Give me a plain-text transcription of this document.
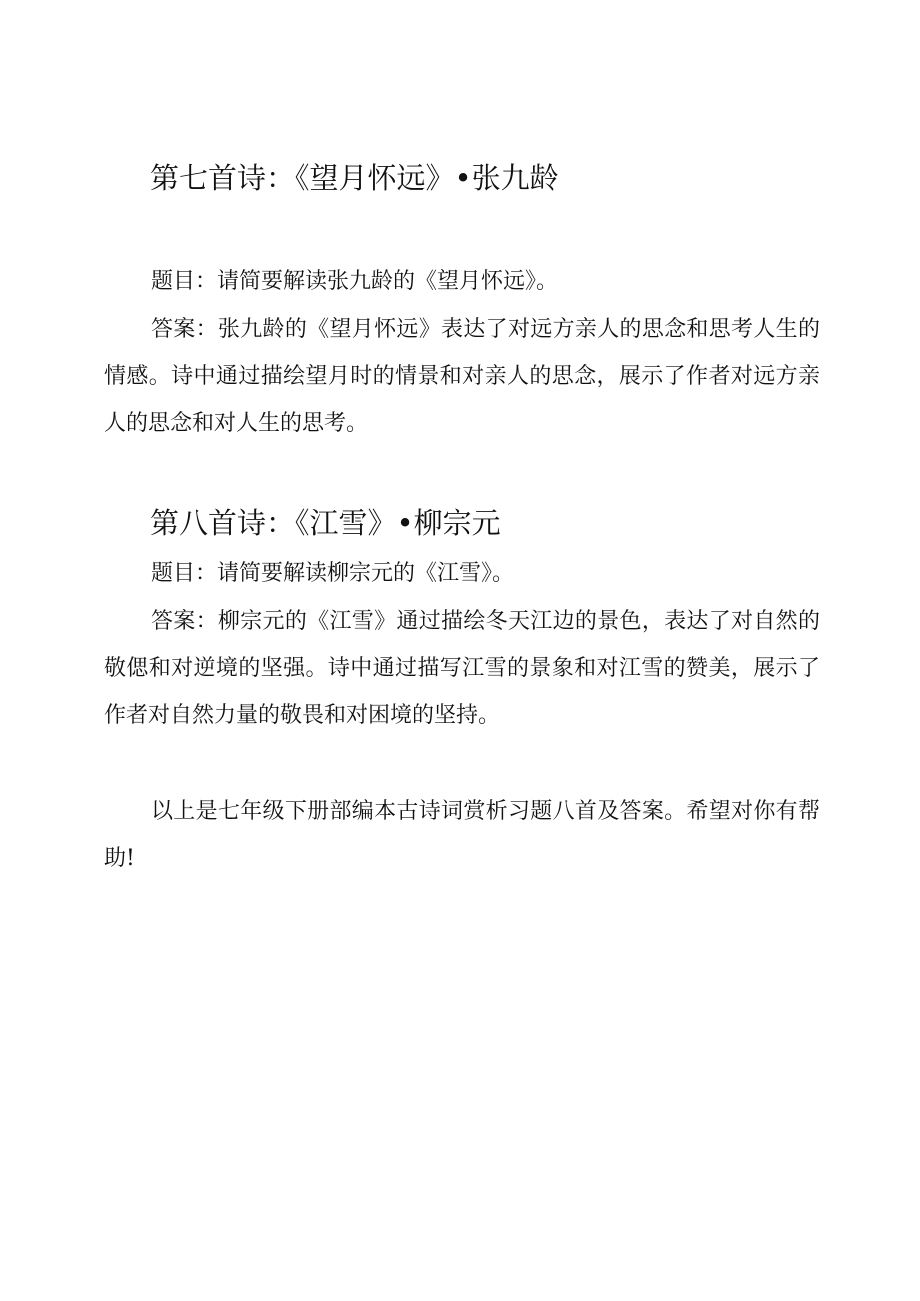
第七首诗：《望月怀远》•张九龄

题目：请简要解读张九龄的《望月怀远》。

答案：张九龄的《望月怀远》表达了对远方亲人的思念和思考人生的情感。诗中通过描绘望月时的情景和对亲人的思念，展示了作者对远方亲人的思念和对人生的思考。

第八首诗：《江雪》•柳宗元

题目：请简要解读柳宗元的《江雪》。

答案：柳宗元的《江雪》通过描绘冬天江边的景色，表达了对自然的敬偲和对逆境的坚强。诗中通过描写江雪的景象和对江雪的赞美，展示了作者对自然力量的敬畏和对困境的坚持。

以上是七年级下册部编本古诗词赏析习题八首及答案。希望对你有帮助!
